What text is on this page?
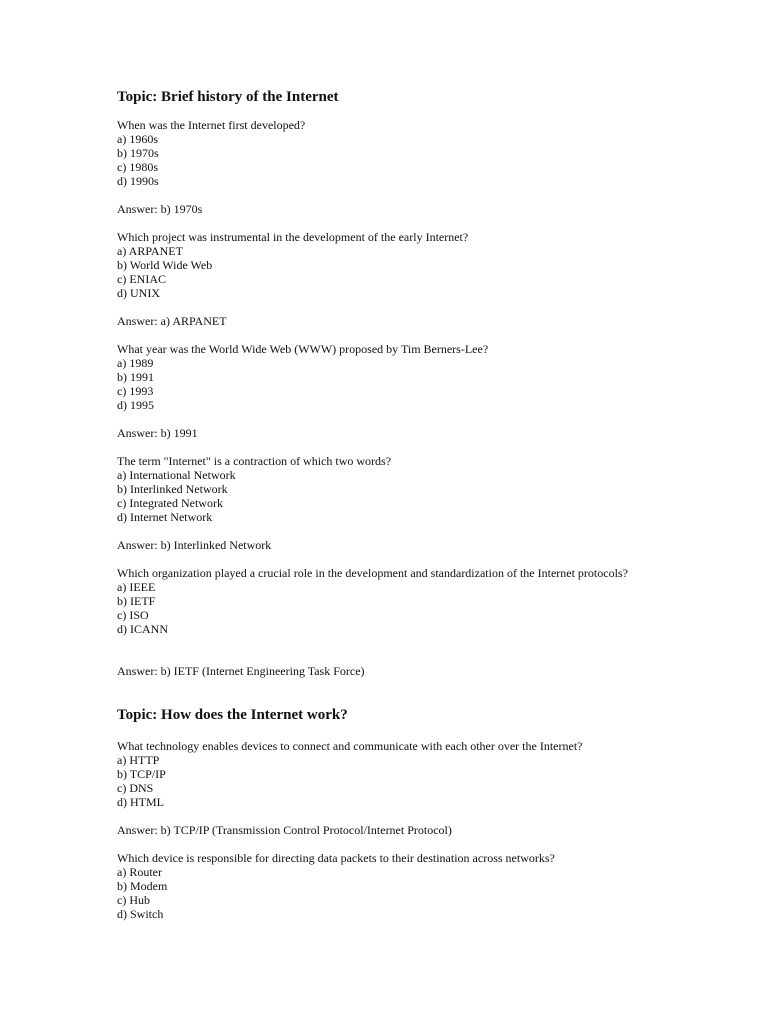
Topic: Brief history of the Internet

When was the Internet first developed?

a) 1960s

b) 1970s

c) 1980s

d) 1990s

Answer: b) 1970s

Which project was instrumental in the development of the early Internet?

a) ARPANET

b) World Wide Web

c) ENIAC

d) UNIX

Answer: a) ARPANET

What year was the World Wide Web (WWW) proposed by Tim Berners-Lee?

a) 1989

b) 1991

c) 1993

d) 1995

Answer: b) 1991

The term "Internet" is a contraction of which two words?

a) International Network

b) Interlinked Network

c) Integrated Network

d) Internet Network

Answer: b) Interlinked Network

Which organization played a crucial role in the development and standardization of the Internet protocols?

a) IEEE

b) IETF

c) ISO

d) ICANN

Answer: b) IETF (Internet Engineering Task Force)

Topic: How does the Internet work?

What technology enables devices to connect and communicate with each other over the Internet?

a) HTTP

b) TCP/IP

c) DNS

d) HTML

Answer: b) TCP/IP (Transmission Control Protocol/Internet Protocol)

Which device is responsible for directing data packets to their destination across networks?

a) Router

b) Modem

c) Hub

d) Switch
